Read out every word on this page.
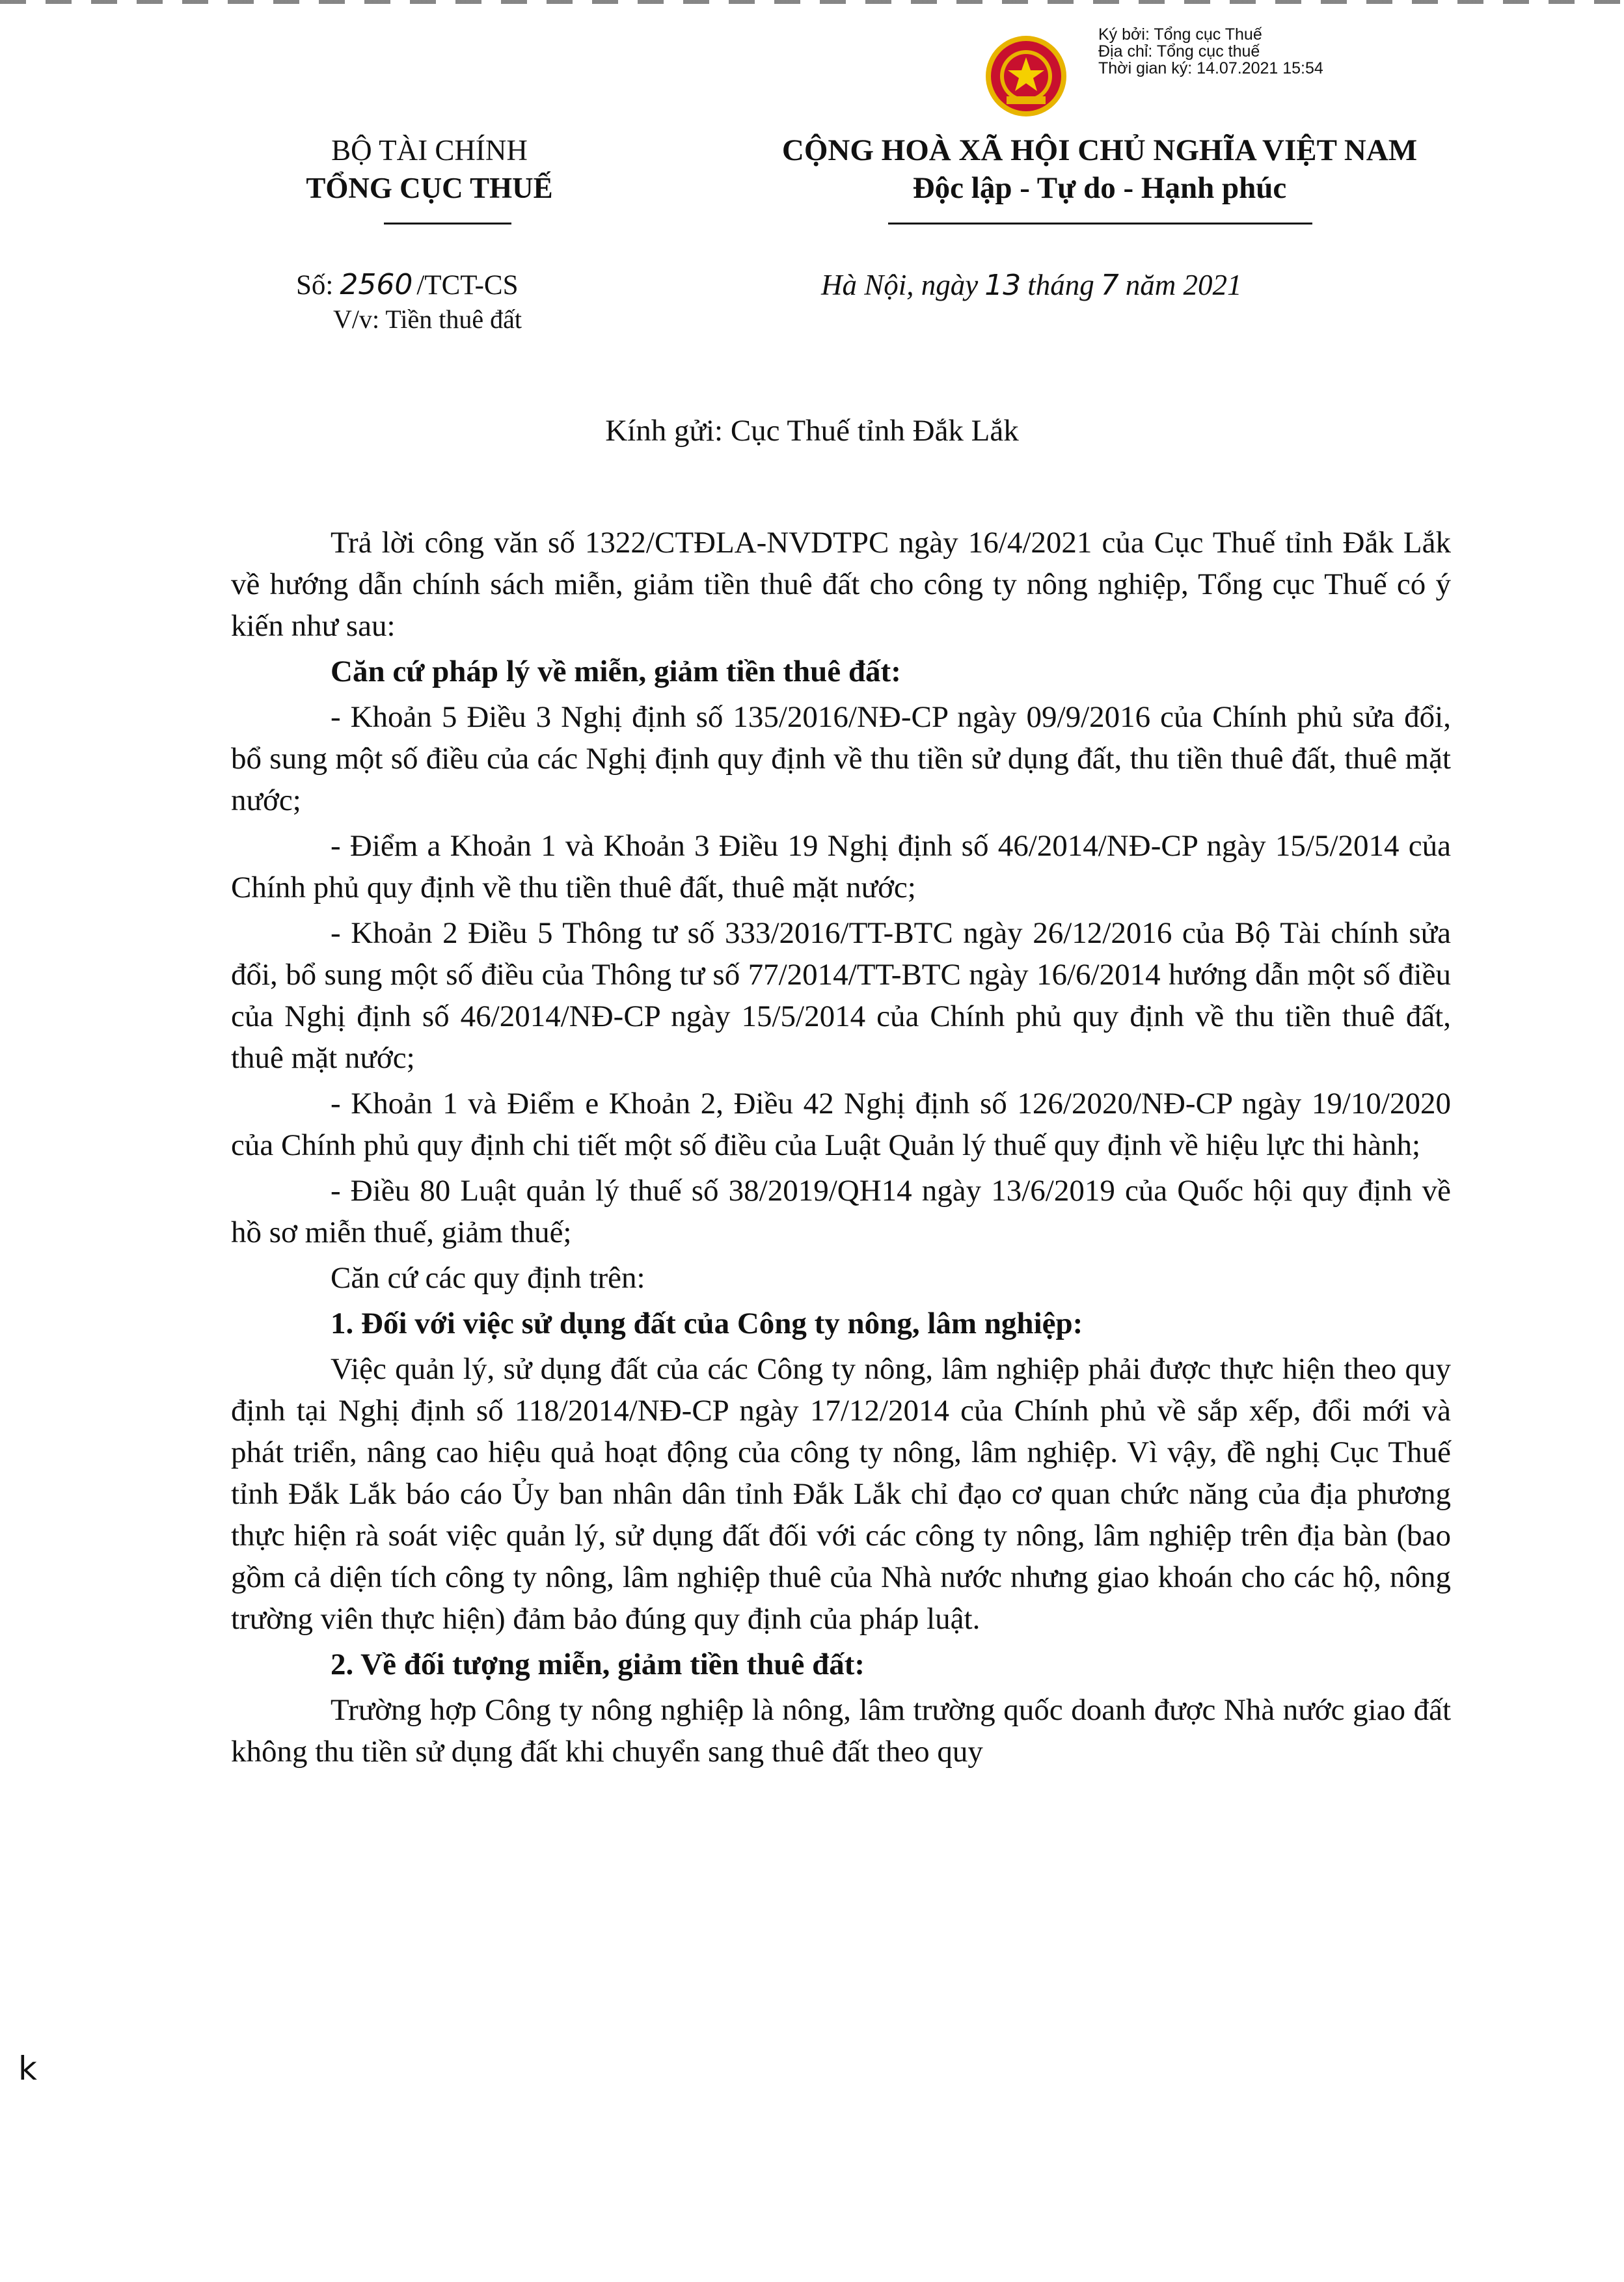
Ký bởi: Tổng cục Thuế
Địa chỉ: Tổng cục thuế
Thời gian ký: 14.07.2021 15:54
BỘ TÀI CHÍNH
TỔNG CỤC THUẾ
CỘNG HOÀ XÃ HỘI CHỦ NGHĨA VIỆT NAM
Độc lập - Tự do - Hạnh phúc
Số: 2560 /TCT-CS
V/v: Tiền thuê đất
Hà Nội, ngày 13 tháng 7 năm 2021
Kính gửi: Cục Thuế tỉnh Đắk Lắk

Trả lời công văn số 1322/CTĐLA-NVDTPC ngày 16/4/2021 của Cục Thuế tỉnh Đắk Lắk về hướng dẫn chính sách miễn, giảm tiền thuê đất cho công ty nông nghiệp, Tổng cục Thuế có ý kiến như sau:

Căn cứ pháp lý về miễn, giảm tiền thuê đất:

- Khoản 5 Điều 3 Nghị định số 135/2016/NĐ-CP ngày 09/9/2016 của Chính phủ sửa đổi, bổ sung một số điều của các Nghị định quy định về thu tiền sử dụng đất, thu tiền thuê đất, thuê mặt nước;

- Điểm a Khoản 1 và Khoản 3 Điều 19 Nghị định số 46/2014/NĐ-CP ngày 15/5/2014 của Chính phủ quy định về thu tiền thuê đất, thuê mặt nước;

- Khoản 2 Điều 5 Thông tư số 333/2016/TT-BTC ngày 26/12/2016 của Bộ Tài chính sửa đổi, bổ sung một số điều của Thông tư số 77/2014/TT-BTC ngày 16/6/2014 hướng dẫn một số điều của Nghị định số 46/2014/NĐ-CP ngày 15/5/2014 của Chính phủ quy định về thu tiền thuê đất, thuê mặt nước;

- Khoản 1 và Điểm e Khoản 2, Điều 42 Nghị định số 126/2020/NĐ-CP ngày 19/10/2020 của Chính phủ quy định chi tiết một số điều của Luật Quản lý thuế quy định về hiệu lực thi hành;

- Điều 80 Luật quản lý thuế số 38/2019/QH14 ngày 13/6/2019 của Quốc hội quy định về hồ sơ miễn thuế, giảm thuế;

Căn cứ các quy định trên:

1. Đối với việc sử dụng đất của Công ty nông, lâm nghiệp:

Việc quản lý, sử dụng đất của các Công ty nông, lâm nghiệp phải được thực hiện theo quy định tại Nghị định số 118/2014/NĐ-CP ngày 17/12/2014 của Chính phủ về sắp xếp, đổi mới và phát triển, nâng cao hiệu quả hoạt động của công ty nông, lâm nghiệp. Vì vậy, đề nghị Cục Thuế tỉnh Đắk Lắk báo cáo Ủy ban nhân dân tỉnh Đắk Lắk chỉ đạo cơ quan chức năng của địa phương thực hiện rà soát việc quản lý, sử dụng đất đối với các công ty nông, lâm nghiệp trên địa bàn (bao gồm cả diện tích công ty nông, lâm nghiệp thuê của Nhà nước nhưng giao khoán cho các hộ, nông trường viên thực hiện) đảm bảo đúng quy định của pháp luật.

2. Về đối tượng miễn, giảm tiền thuê đất:

Trường hợp Công ty nông nghiệp là nông, lâm trường quốc doanh được Nhà nước giao đất không thu tiền sử dụng đất khi chuyển sang thuê đất theo quy

k
